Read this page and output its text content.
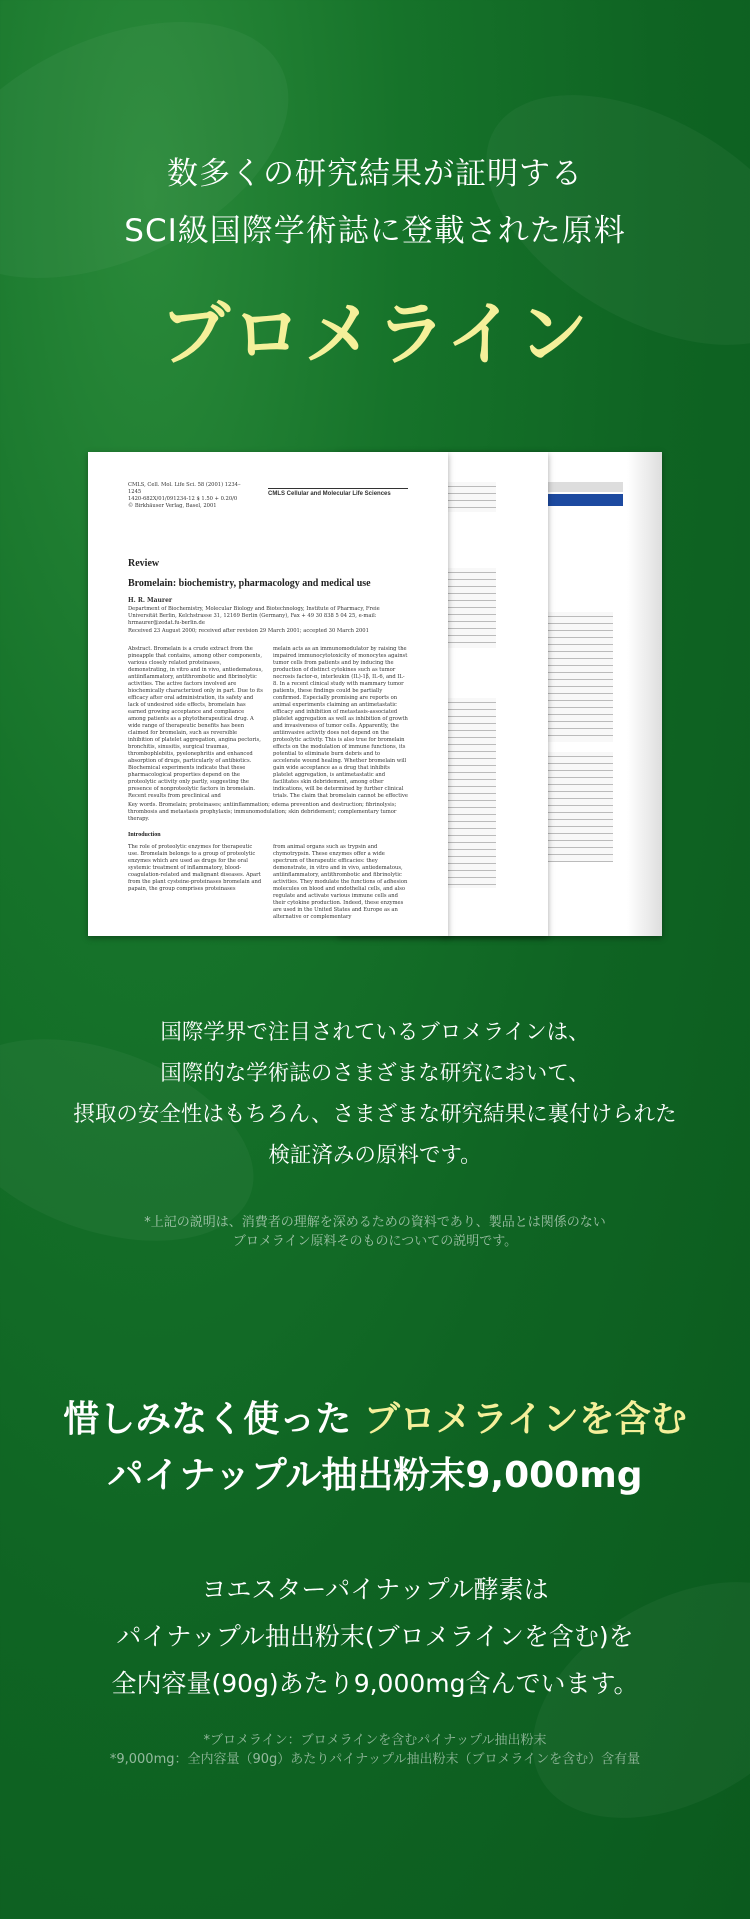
数多くの研究結果が証明する
SCI級国際学術誌に登載された原料
ブロメライン
CMLS, Cell. Mol. Life Sci. 58 (2001) 1234–1245
1420-682X/01/091234-12 $ 1.50 + 0.20/0
© Birkhäuser Verlag, Basel, 2001
CMLS Cellular and Molecular Life Sciences
Review
Bromelain: biochemistry, pharmacology and medical use
H. R. Maurer
Department of Biochemistry, Molecular Biology and Biotechnology, Institute of Pharmacy, Freie Universität Berlin, Kelchstrasse 31, 12169 Berlin (Germany), Fax + 49 30 838 5 04 25, e-mail: hrmaurer@zedat.fu-berlin.de
Received 23 August 2000; received after revision 29 March 2001; accepted 30 March 2001
Abstract. Bromelain is a crude extract from the pineapple that contains, among other components, various closely related proteinases, demonstrating, in vitro and in vivo, antiedematous, antiinflammatory, antithrombotic and fibrinolytic activities. The active factors involved are biochemically characterized only in part. Due to its efficacy after oral administration, its safety and lack of undesired side effects, bromelain has earned growing acceptance and compliance among patients as a phytotherapeutical drug. A wide range of therapeutic benefits has been claimed for bromelain, such as reversible inhibition of platelet aggregation, angina pectoris, bronchitis, sinusitis, surgical traumas, thrombophlebitis, pyelonephritis and enhanced absorption of drugs, particularly of antibiotics. Biochemical experiments indicate that these pharmacological properties depend on the proteolytic activity only partly, suggesting the presence of nonproteolytic factors in bromelain. Recent results from preclinical and
melain acts as an immunomodulator by raising the impaired immunocytotoxicity of monocytes against tumor cells from patients and by inducing the production of distinct cytokines such as tumor necrosis factor-α, interleukin (IL)-1β, IL-6, and IL-8. In a recent clinical study with mammary tumor patients, these findings could be partially confirmed. Especially promising are reports on animal experiments claiming an antimetastatic efficacy and inhibition of metastasis-associated platelet aggregation as well as inhibition of growth and invasiveness of tumor cells. Apparently, the antiinvasive activity does not depend on the proteolytic activity. This is also true for bromelain effects on the modulation of immune functions, its potential to eliminate burn debris and to accelerate wound healing. Whether bromelain will gain wide acceptance as a drug that inhibits platelet aggregation, is antimetastatic and facilitates skin debridement, among other indications, will be determined by further clinical trials. The claim that bromelain cannot be effective
Key words. Bromelain; proteinases; antiinflammation; edema prevention and destruction; fibrinolysis; thrombosis and metastasis prophylaxis; immunomodulation; skin debridement; complementary tumor therapy.
Introduction
The role of proteolytic enzymes for therapeutic use. Bromelain belongs to a group of proteolytic enzymes which are used as drugs for the oral systemic treatment of inflammatory, blood-coagulation-related and malignant diseases. Apart from the plant cysteine-proteinases bromelain and papain, the group comprises proteinases
from animal organs such as trypsin and chymotrypsin. These enzymes offer a wide spectrum of therapeutic efficacies: they demonstrate, in vitro and in vivo, antiedematous, antiinflammatory, antithrombotic and fibrinolytic activities. They modulate the functions of adhesion molecules on blood and endothelial cells, and also regulate and activate various immune cells and their cytokine production. Indeed, these enzymes are used in the United States and Europe as an alternative or complementary
国際学界で注目されているブロメラインは、
国際的な学術誌のさまざまな研究において、
摂取の安全性はもちろん、さまざまな研究結果に裏付けられた
検証済みの原料です。
*上記の説明は、消費者の理解を深めるための資料であり、製品とは関係のない
ブロメライン原料そのものについての説明です。
惜しみなく使った ブロメラインを含む
パイナップル抽出粉末9,000mg
ヨエスターパイナップル酵素は
パイナップル抽出粉末(ブロメラインを含む)を
全内容量(90g)あたり9,000mg含んでいます。
*ブロメライン：ブロメラインを含むパイナップル抽出粉末
*9,000mg：全内容量（90g）あたりパイナップル抽出粉末（ブロメラインを含む）含有量
